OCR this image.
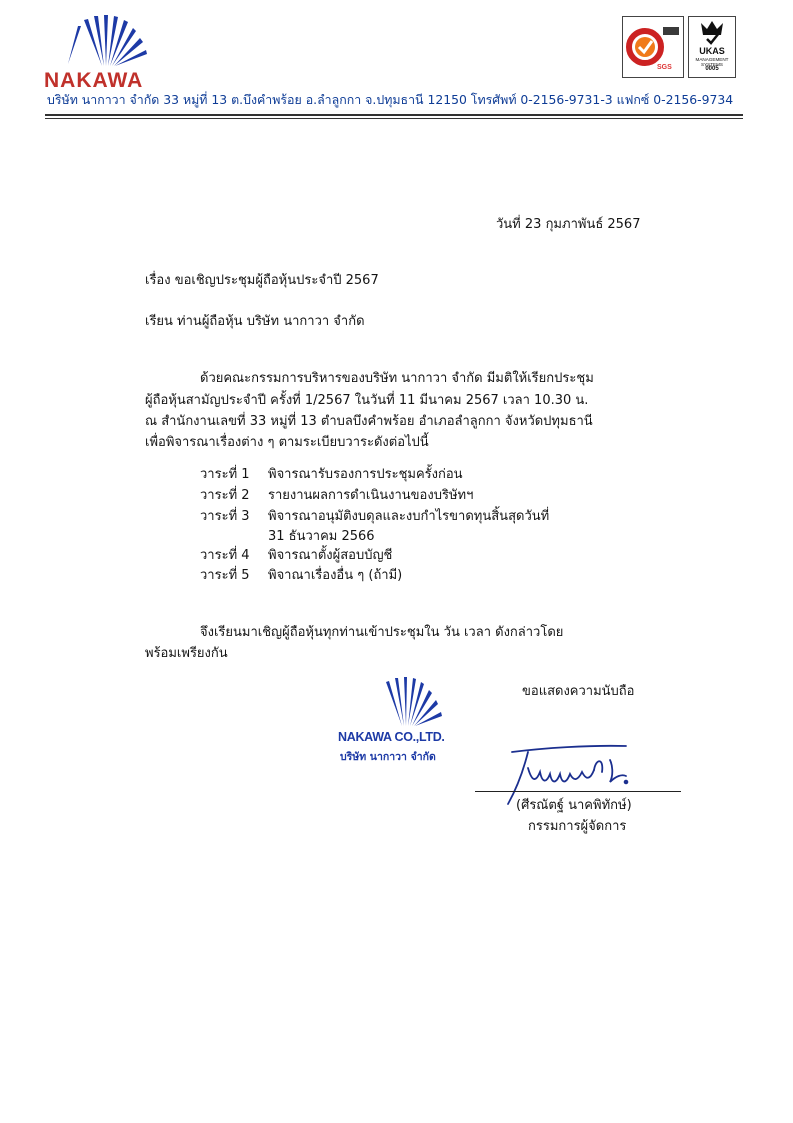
NAKAWA
SGS
UKAS
MANAGEMENT SYSTEMS
0005
บริษัท นากาวา จำกัด 33 หมู่ที่ 13 ต.บึงคำพร้อย อ.ลำลูกกา จ.ปทุมธานี 12150 โทรศัพท์ 0-2156-9731-3 แฟกซ์ 0-2156-9734
วันที่ 23 กุมภาพันธ์ 2567
เรื่อง ขอเชิญประชุมผู้ถือหุ้นประจำปี 2567
เรียน ท่านผู้ถือหุ้น บริษัท นากาวา จำกัด
ด้วยคณะกรรมการบริหารของบริษัท นากาวา จำกัด มีมติให้เรียกประชุม
ผู้ถือหุ้นสามัญประจำปี ครั้งที่ 1/2567 ในวันที่ 11 มีนาคม 2567 เวลา 10.30 น.
ณ สำนักงานเลขที่ 33 หมู่ที่ 13 ตำบลบึงคำพร้อย อำเภอลำลูกกา จังหวัดปทุมธานี
เพื่อพิจารณาเรื่องต่าง ๆ ตามระเบียบวาระดังต่อไปนี้
วาระที่ 1 พิจารณารับรองการประชุมครั้งก่อน
วาระที่ 2 รายงานผลการดำเนินงานของบริษัทฯ
วาระที่ 3 พิจารณาอนุมัติงบดุลและงบกำไรขาดทุนสิ้นสุดวันที่
31 ธันวาคม 2566
วาระที่ 4 พิจารณาตั้งผู้สอบบัญชี
วาระที่ 5 พิจาณาเรื่องอื่น ๆ (ถ้ามี)
จึงเรียนมาเชิญผู้ถือหุ้นทุกท่านเข้าประชุมใน วัน เวลา ดังกล่าวโดย
พร้อมเพรียงกัน
ขอแสดงความนับถือ
NAKAWA CO.,LTD.
บริษัท นากาวา จำกัด
(ศีรณัตฐ์ นาคพิทักษ์)
กรรมการผู้จัดการ
